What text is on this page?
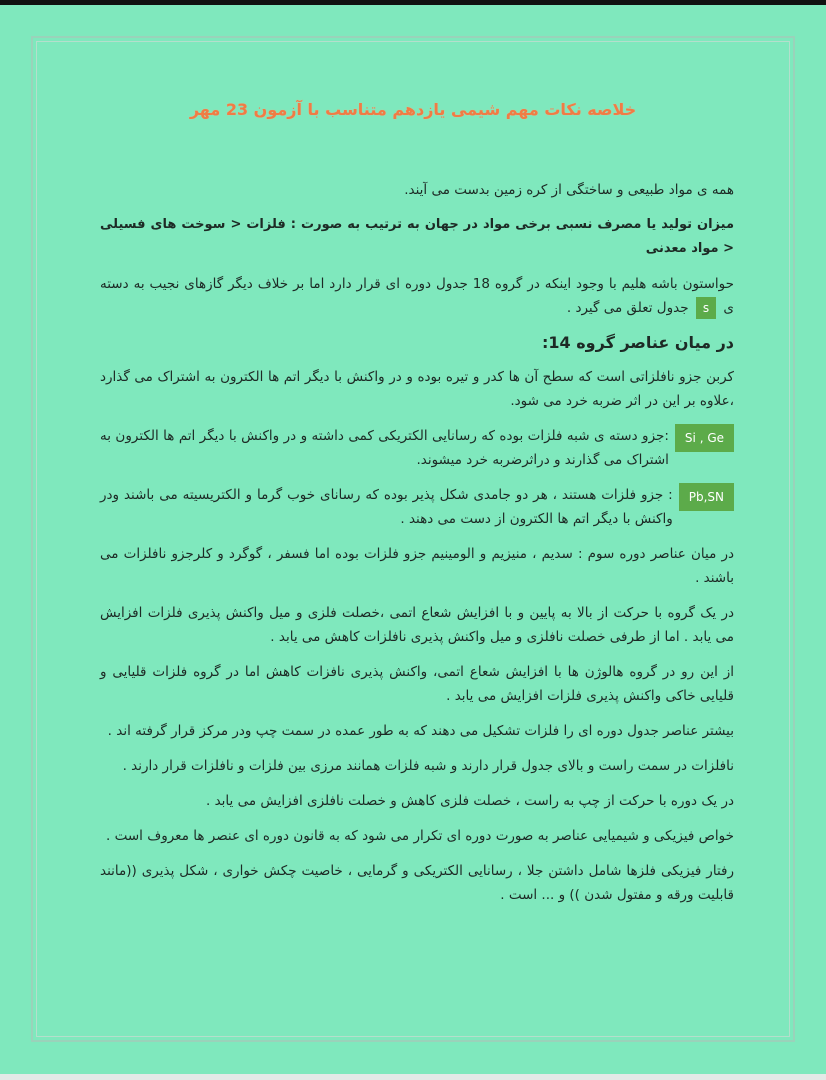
خلاصه نکات مهم شیمی یازدهم متناسب با آزمون 23 مهر

همه ی مواد طبیعی و ساختگی از کره زمین بدست می آیند.

میزان تولید یا مصرف نسبی برخی مواد در جهان به ترتیب به صورت : فلزات < سوخت های فسیلی < مواد معدنی

حواستون باشه هلیم با وجود اینکه در گروه 18 جدول دوره ای قرار دارد اما بر خلاف دیگر گازهای نجیب به دسته ی s جدول تعلق می گیرد .

در میان عناصر گروه 14:

کربن جزو نافلزاتی است که سطح آن ها کدر و تیره بوده و در واکنش با دیگر اتم ها الکترون به اشتراک می گذارد ،علاوه بر این در اثر ضربه خرد می شود.

Si , Ge
:جزو دسته ی شبه فلزات بوده که رسانایی الکتریکی کمی داشته و در واکنش با دیگر اتم ها الکترون به اشتراک می گذارند و دراثرضربه خرد میشوند.

Pb,SN
: جزو فلزات هستند ، هر دو جامدی شکل پذیر بوده که رسانای خوب گرما و الکتریسیته می باشند ودر واکنش با دیگر اتم ها الکترون از دست می دهند .

در میان عناصر دوره سوم : سدیم ، منیزیم و الومینیم جزو فلزات بوده اما فسفر ، گوگرد و کلرجزو نافلزات می باشند .

در یک گروه با حرکت از بالا به پایین و با افزایش شعاع اتمی ،خصلت فلزی و میل واکنش پذیری فلزات افزایش می یابد . اما از طرفی خصلت نافلزی و میل واکنش پذیری نافلزات کاهش می یابد .

از این رو در گروه هالوژن ها با افزایش شعاع اتمی، واکنش پذیری نافزات کاهش اما در گروه فلزات قلیایی و قلیایی خاکی واکنش پذیری فلزات افزایش می یابد .

بیشتر عناصر جدول دوره ای را فلزات تشکیل می دهند که به طور عمده در سمت چپ ودر مرکز قرار گرفته اند .

نافلزات در سمت راست و بالای جدول قرار دارند و شبه فلزات همانند مرزی بین فلزات و نافلزات قرار دارند .

در یک دوره با حرکت از چپ به راست ، خصلت فلزی کاهش و خصلت نافلزی افزایش می یابد .

خواص فیزیکی و شیمیایی عناصر به صورت دوره ای تکرار می شود که به قانون دوره ای عنصر ها معروف است .

رفتار فیزیکی فلزها شامل داشتن جلا ، رسانایی الکتریکی و گرمایی ، خاصیت چکش خواری ، شکل پذیری ((مانند قابلیت ورقه و مفتول شدن )) و ... است .
